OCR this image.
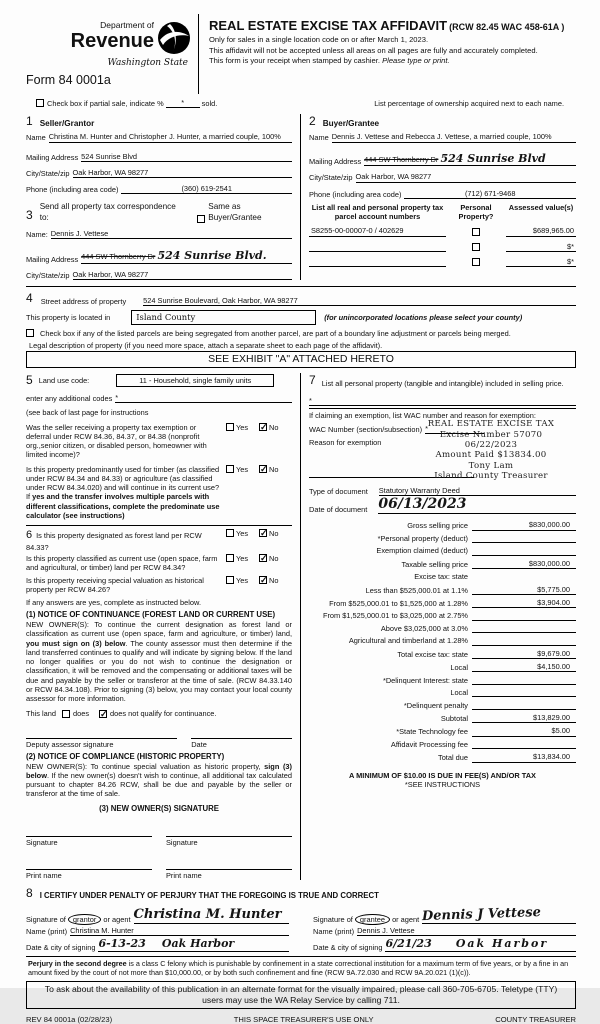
Department of
Revenue
Washington State
Form 84 0001a
REAL ESTATE EXCISE TAX AFFIDAVIT (RCW 82.45 WAC 458-61A )
Only for sales in a single location code on or after March 1, 2023.
This affidavit will not be accepted unless all areas on all pages are fully and accurately completed.
This form is your receipt when stamped by cashier. Please type or print.
Check box if partial sale, indicate %	*	sold.	List percentage of ownership acquired next to each name.
1 Seller/Grantor
Name Christina M. Hunter and Christopher J. Hunter, a married couple, 100%
Mailing Address 524 Sunrise Blvd
City/State/zip Oak Harbor, WA 98277
Phone (including area code)	(360) 619-2541
3
Send all property tax correspondence to:
Same as Buyer/Grantee
Name: Dennis J. Vettese
Mailing Address 444 SW Thornberry Dr 524 Sunrise Blvd.
City/State/zip Oak Harbor, WA 98277
2 Buyer/Grantee
Name Dennis J. Vettese and Rebecca J. Vettese, a married couple, 100%
Mailing Address 444 SW Thornberry Dr 524 Sunrise Blvd
City/State/zip Oak Harbor, WA 98277
Phone (including area code)	(712) 671-9468
List all real and personal property tax parcel account numbers
Personal Property?
Assessed value(s)
S8255-00-00007-0 / 402629	$689,965.00
$*
$*
4 Street address of property 524 Sunrise Boulevard, Oak Harbor, WA 98277
This property is located in	Island County	(for unincorporated locations please select your county)
Check box if any of the listed parcels are being segregated from another parcel, are part of a boundary line adjustment or parcels being merged.
Legal description of property (if you need more space, attach a separate sheet to each page of the affidavit).
SEE EXHIBIT "A" ATTACHED HERETO
5 Land use code:	11 - Household, single family units
enter any additional codes *
(see back of last page for instructions
Was the seller receiving a property tax exemption or deferral under RCW 84.36, 84.37, or 84.38 (nonprofit org.,senior citizen, or disabled person, homeowner with limited income)?
Yes ✓	No
Is this property predominantly used for timber (as classified under RCW 84.34 and 84.33) or agriculture (as classified under RCW 84.34.020) and will continue in its current use? If yes and the transfer involves multiple parcels with different classifications, complete the predominate use calculator (see instructions)
Yes ✓	No
6 Is this property designated as forest land per RCW 84.33?
Yes ✓	No
Is this property classified as current use (open space, farm and agricultural, or timber) land per RCW 84.34?
Yes ✓	No
Is this property receiving special valuation as historical property per RCW 84.26?
Yes ✓	No
If any answers are yes, complete as instructed below.
(1) NOTICE OF CONTINUANCE (FOREST LAND OR CURRENT USE)
NEW OWNER(S): To continue the current designation as forest land or classification as current use (open space, farm and agriculture, or timber) land, you must sign on (3) below. The county assessor must then determine if the land transferred continues to qualify and will indicate by signing below. If the land no longer qualifies or you do not wish to continue the designation or classification, it will be removed and the compensating or additional taxes will be due and payable by the seller or transferor at the time of sale. (RCW 84.33.140 or RCW 84.34.108). Prior to signing (3) below, you may contact your local county assessor for more information.
This land does ✓	does not qualify for continuance.
Deputy assessor signature	Date
(2) NOTICE OF COMPLIANCE (HISTORIC PROPERTY)
NEW OWNER(S): To continue special valuation as historic property, sign (3) below. If the new owner(s) doesn't wish to continue, all additional tax calculated pursuant to chapter 84.26 RCW, shall be due and payable by the seller or transferor at the time of sale.
(3) NEW OWNER(S) SIGNATURE
Signature	Signature
Print name	Print name
7 List all personal property (tangible and intangible) included in selling price.
*
If claiming an exemption, list WAC number and reason for exemption:
WAC Number (section/subsection) *
Reason for exemption
REAL ESTATE EXCISE TAX
Excise Number 57070
06/22/2023
Amount Paid $13834.00
Tony Lam
Island County Treasurer
Type of document Statutory Warranty Deed
Date of document 06/13/2023
Gross selling price	$830,000.00
*Personal property (deduct)
Exemption claimed (deduct)
Taxable selling price	$830,000.00
Excise tax: state
Less than $525,000.01 at 1.1%	$5,775.00
From $525,000.01 to $1,525,000 at 1.28%	$3,904.00
From $1,525,000.01 to $3,025,000 at 2.75%
Above $3,025,000 at 3.0%
Agricultural and timberland at 1.28%
Total excise tax: state	$9,679.00
Local	$4,150.00
*Delinquent Interest: state
Local
*Delinquent penalty
Subtotal	$13,829.00
*State Technology fee	$5.00
Affidavit Processing fee
Total due	$13,834.00
A MINIMUM OF $10.00 IS DUE IN FEE(S) AND/OR TAX
*SEE INSTRUCTIONS
8 I CERTIFY UNDER PENALTY OF PERJURY THAT THE FOREGOING IS TRUE AND CORRECT
Signature of grantor or agent Christina M. Hunter
Name (print) Christina M. Hunter
Date & city of signing 6-13-23 Oak Harbor
Signature of grantee or agent Dennis J Vettese
Name (print) Dennis J. Vettese
Date & city of signing 6/21/23 Oak Harbor
Perjury in the second degree is a class C felony which is punishable by confinement in a state correctional institution for a maximum term of five years, or by a fine in an amount fixed by the court of not more than $10,000.00, or by both such confinement and fine (RCW 9A.72.030 and RCW 9A.20.021 (1)(c)).
To ask about the availability of this publication in an alternate format for the visually impaired, please call 360-705-6705. Teletype (TTY) users may use the WA Relay Service by calling 711.
REV 84 0001a (02/28/23)	THIS SPACE TREASURER'S USE ONLY	COUNTY TREASURER
